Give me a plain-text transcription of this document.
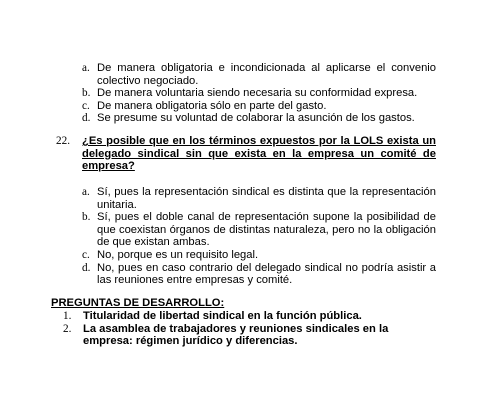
a. De manera obligatoria e incondicionada al aplicarse el convenio colectivo negociado.
b. De manera voluntaria siendo necesaria su conformidad expresa.
c. De manera obligatoria sólo en parte del gasto.
d. Se presume su voluntad de colaborar la asunción de los gastos.
22. ¿Es posible que en los términos expuestos por la LOLS exista un delegado sindical sin que exista en la empresa un comité de empresa?
a. Sí, pues la representación sindical es distinta que la representación unitaria.
b. Sí, pues el doble canal de representación supone la posibilidad de que coexistan órganos de distintas naturaleza, pero no la obligación de que existan ambas.
c. No, porque es un requisito legal.
d. No, pues en caso contrario del delegado sindical no podría asistir a las reuniones entre empresas y comité.
PREGUNTAS DE DESARROLLO:
1. Titularidad de libertad sindical en la función pública.
2. La asamblea de trabajadores y reuniones sindicales en la empresa: régimen jurídico y diferencias.
